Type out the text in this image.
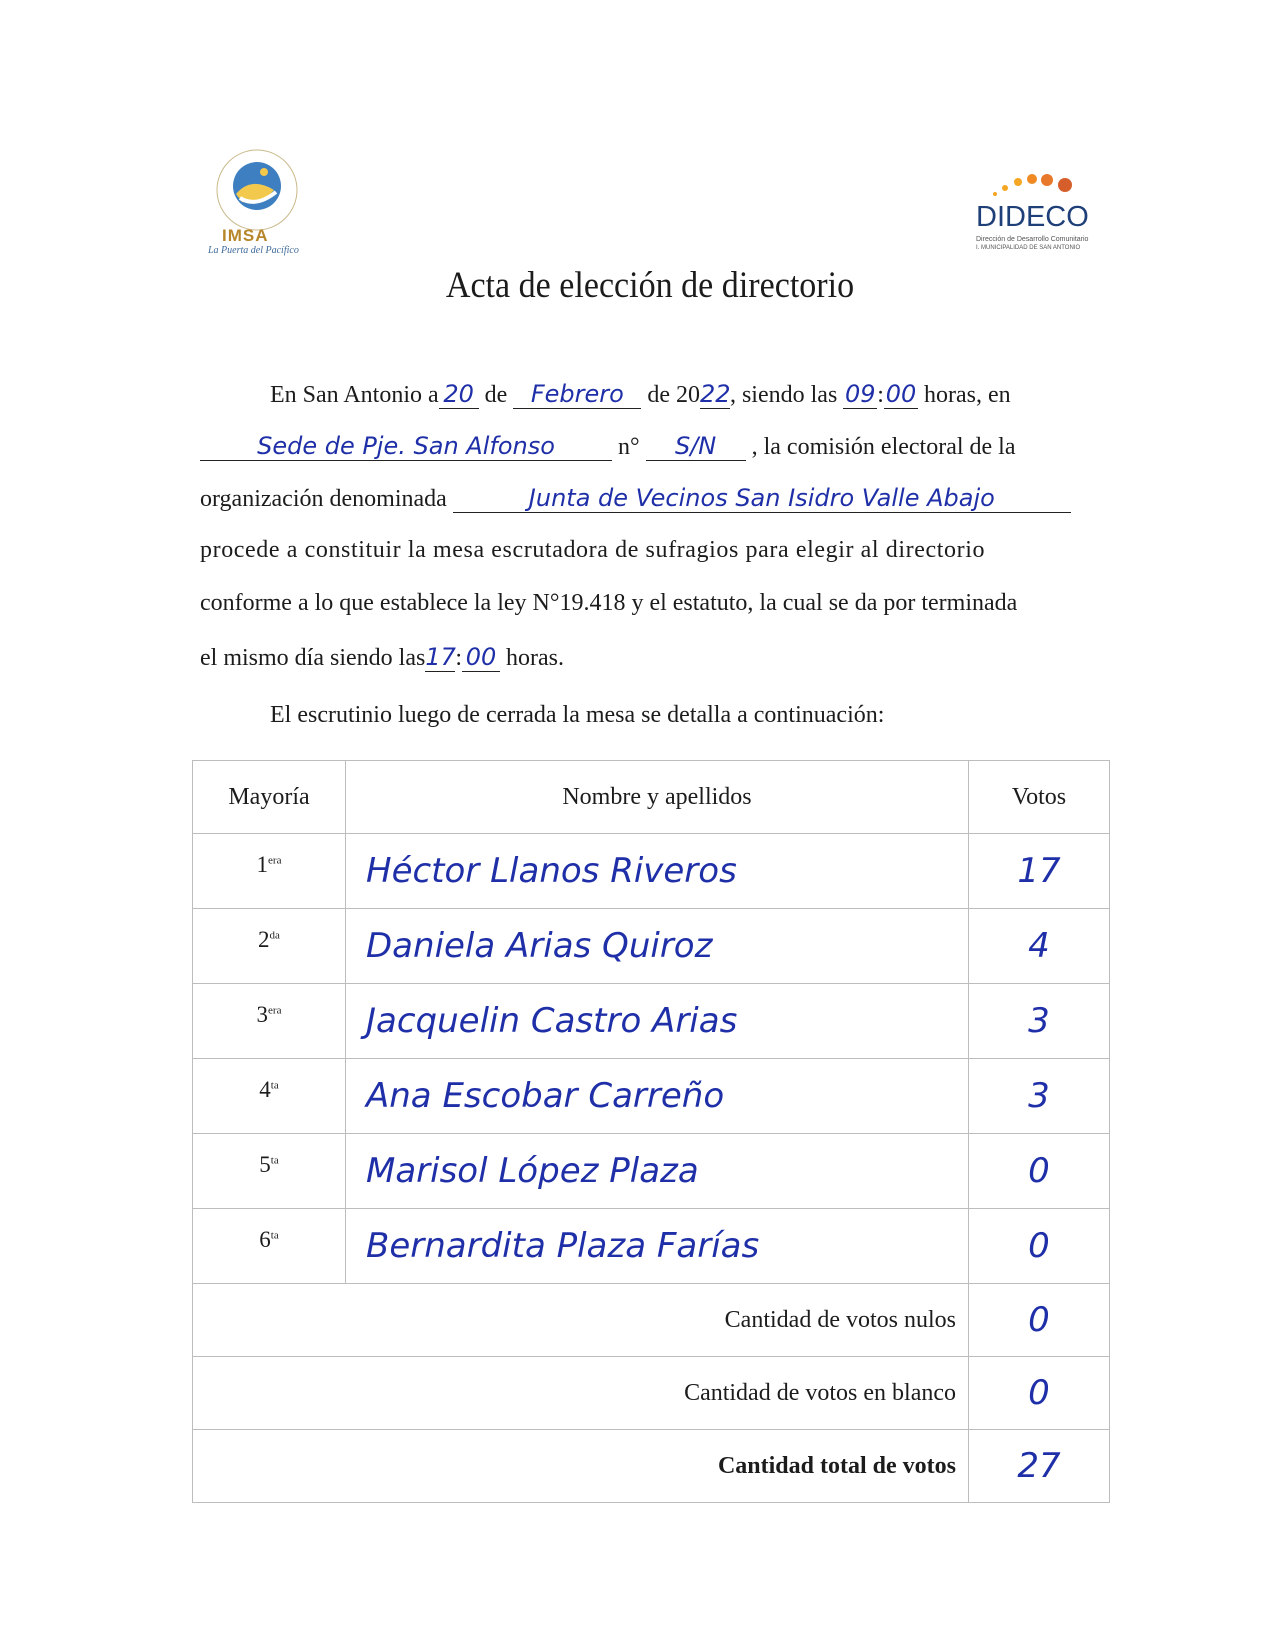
IMSA
La Puerta del Pacífico
DIDECO
Dirección de Desarrollo Comunitario
I. MUNICIPALIDAD DE SAN ANTONIO
Acta de elección de directorio
En San Antonio a 20 de Febrero de 2022, siendo las 09:00 horas, en
Sede de Pje. San Alfonso	n° S/N , la comisión electoral de la
organización denominada	Junta de Vecinos San Isidro Valle Abajo
procede a constituir la mesa escrutadora de sufragios para elegir al directorio
conforme a lo que establece la ley N°19.418 y el estatuto, la cual se da por terminada
el mismo día siendo las17: 00 horas.
El escrutinio luego de cerrada la mesa se detalla a continuación:
Mayoría	Nombre y apellidos	Votos
$1^{era}$	Héctor Llanos Riveros	17
$2^{da}$	Daniela Arias Quiroz	4
$3^{era}$	Jacquelin Castro Arias	3
$4^{ta}$	Ana Escobar Carreño	3
$5^{ta}$	Marisol López Plaza	0
$6^{ta}$	Bernardita Plaza Farías	0
Cantidad de votos nulos		0
Cantidad de votos en blanco		0
Cantidad total de votos		27
